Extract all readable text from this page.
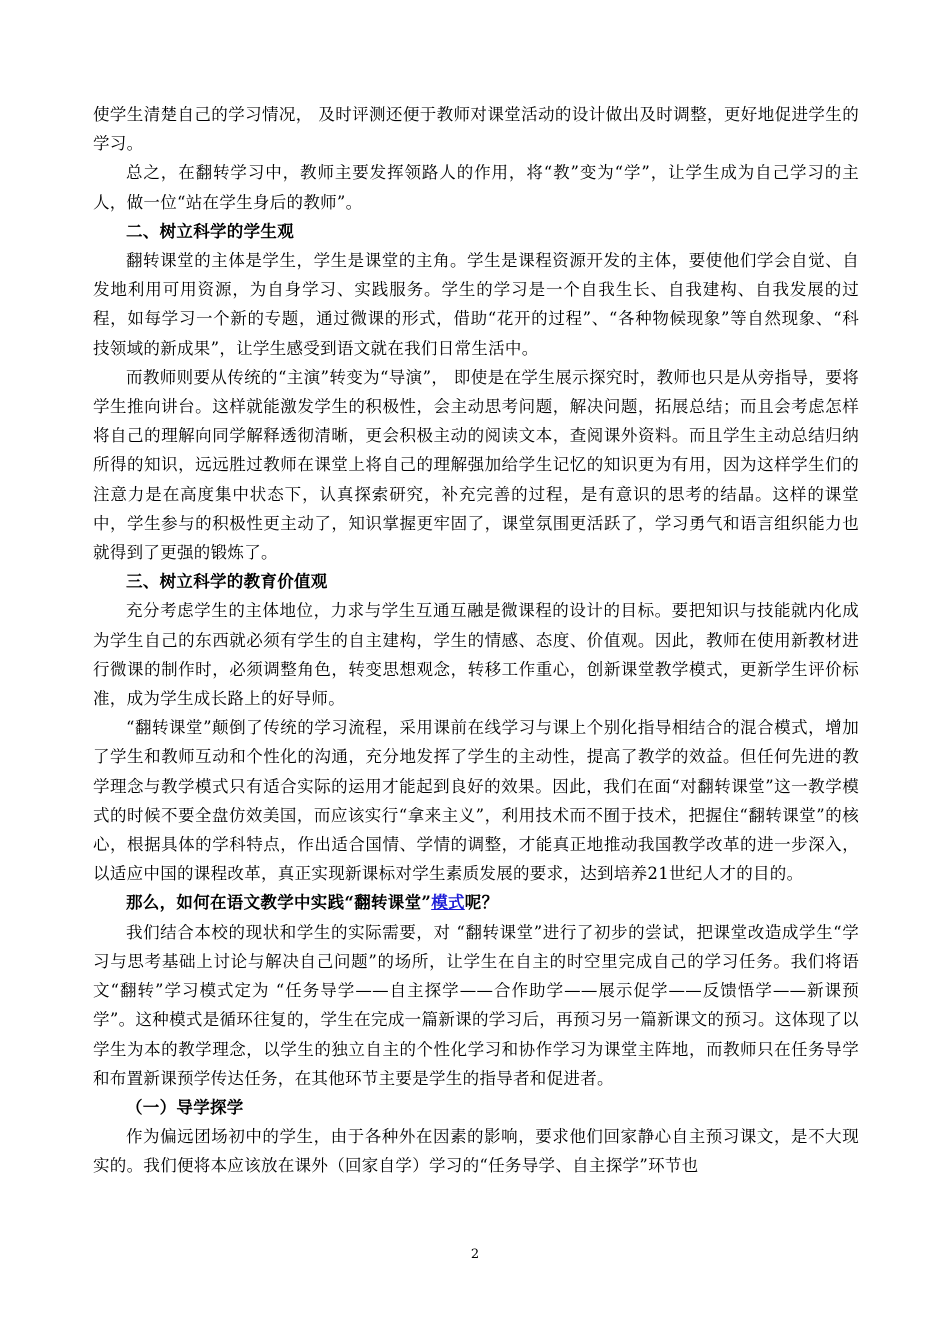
使学生清楚自己的学习情况， 及时评测还便于教师对课堂活动的设计做出及时调整，更好地促进学生的学习。

总之，在翻转学习中，教师主要发挥领路人的作用，将“教”变为“学”，让学生成为自己学习的主人，做一位“站在学生身后的教师”。

二、树立科学的学生观

翻转课堂的主体是学生，学生是课堂的主角。学生是课程资源开发的主体，要使他们学会自觉、自发地利用可用资源，为自身学习、实践服务。学生的学习是一个自我生长、自我建构、自我发展的过程，如每学习一个新的专题，通过微课的形式，借助“花开的过程”、“各种物候现象”等自然现象、“科技领域的新成果”，让学生感受到语文就在我们日常生活中。

而教师则要从传统的“主演”转变为“导演”， 即使是在学生展示探究时，教师也只是从旁指导，要将学生推向讲台。这样就能激发学生的积极性，会主动思考问题，解决问题，拓展总结；而且会考虑怎样将自己的理解向同学解释透彻清晰，更会积极主动的阅读文本，查阅课外资料。而且学生主动总结归纳所得的知识，远远胜过教师在课堂上将自己的理解强加给学生记忆的知识更为有用，因为这样学生们的注意力是在高度集中状态下，认真探索研究，补充完善的过程，是有意识的思考的结晶。这样的课堂中，学生参与的积极性更主动了，知识掌握更牢固了，课堂氛围更活跃了，学习勇气和语言组织能力也就得到了更强的锻炼了。

三、树立科学的教育价值观

充分考虑学生的主体地位，力求与学生互通互融是微课程的设计的目标。要把知识与技能就内化成为学生自己的东西就必须有学生的自主建构，学生的情感、态度、价值观。因此，教师在使用新教材进行微课的制作时，必须调整角色，转变思想观念，转移工作重心，创新课堂教学模式，更新学生评价标准，成为学生成长路上的好导师。

“翻转课堂”颠倒了传统的学习流程，采用课前在线学习与课上个别化指导相结合的混合模式，增加了学生和教师互动和个性化的沟通，充分地发挥了学生的主动性，提高了教学的效益。但任何先进的教学理念与教学模式只有适合实际的运用才能起到良好的效果。因此，我们在面“对翻转课堂”这一教学模式的时候不要全盘仿效美国，而应该实行“拿来主义”，利用技术而不囿于技术，把握住“翻转课堂”的核心，根据具体的学科特点，作出适合国情、学情的调整，才能真正地推动我国教学改革的进一步深入，以适应中国的课程改革，真正实现新课标对学生素质发展的要求，达到培养21世纪人才的目的。

那么，如何在语文教学中实践“翻转课堂”模式呢？

我们结合本校的现状和学生的实际需要，对 “翻转课堂”进行了初步的尝试，把课堂改造成学生“学习与思考基础上讨论与解决自己问题”的场所，让学生在自主的时空里完成自己的学习任务。我们将语文“翻转”学习模式定为 “任务导学——自主探学——合作助学——展示促学——反馈悟学——新课预学”。这种模式是循环往复的，学生在完成一篇新课的学习后，再预习另一篇新课文的预习。这体现了以学生为本的教学理念，以学生的独立自主的个性化学习和协作学习为课堂主阵地，而教师只在任务导学和布置新课预学传达任务，在其他环节主要是学生的指导者和促进者。

（一）导学探学

作为偏远团场初中的学生，由于各种外在因素的影响，要求他们回家静心自主预习课文，是不大现实的。我们便将本应该放在课外（回家自学）学习的“任务导学、自主探学”环节也

2
